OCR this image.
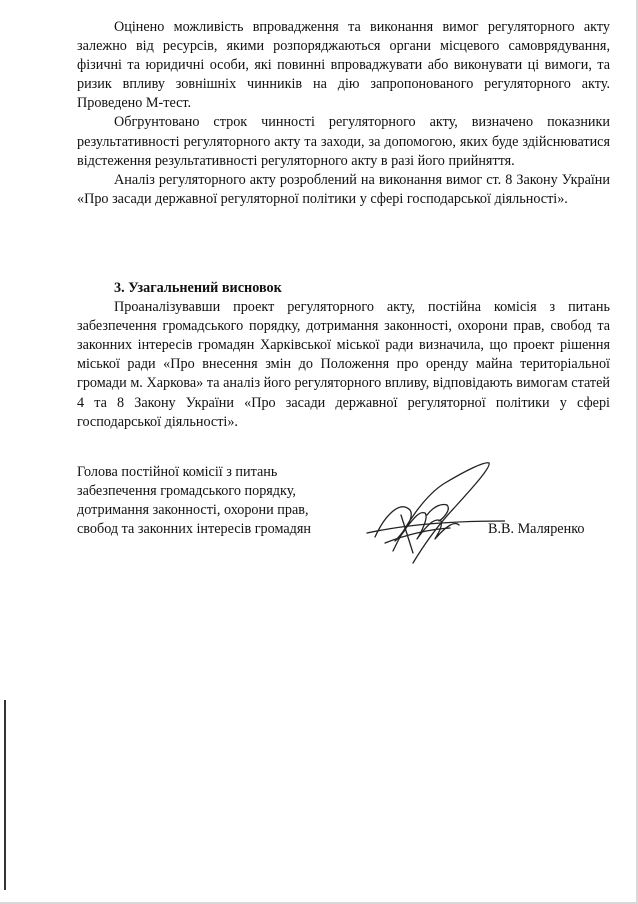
Оцінено можливість впровадження та виконання вимог регуляторного акту залежно від ресурсів, якими розпоряджаються органи місцевого самоврядування, фізичні та юридичні особи, які повинні впроваджувати або виконувати ці вимоги, та ризик впливу зовнішніх чинників на дію запропонованого регуляторного акту. Проведено М-тест.

Обгрунтовано строк чинності регуляторного акту, визначено показники результативності регуляторного акту та заходи, за допомогою, яких буде здійснюватися відстеження результативності регуляторного акту в разі його прийняття.

Аналіз регуляторного акту розроблений на виконання вимог ст. 8 Закону України «Про засади державної регуляторної політики у сфері господарської діяльності».

3. Узагальнений висновок

Проаналізувавши проект регуляторного акту, постійна комісія з питань забезпечення громадського порядку, дотримання законності, охорони прав, свобод та законних інтересів громадян Харківської міської ради визначила, що проект рішення міської ради «Про внесення змін до Положення про оренду майна територіальної громади м. Харкова» та аналіз його регуляторного впливу, відповідають вимогам статей 4 та 8 Закону України «Про засади державної регуляторної політики у сфері господарської діяльності».

Голова постійної комісії з питань
забезпечення громадського порядку,
дотримання законності, охорони прав,
свобод та законних інтересів громадян	В.В. Маляренко
